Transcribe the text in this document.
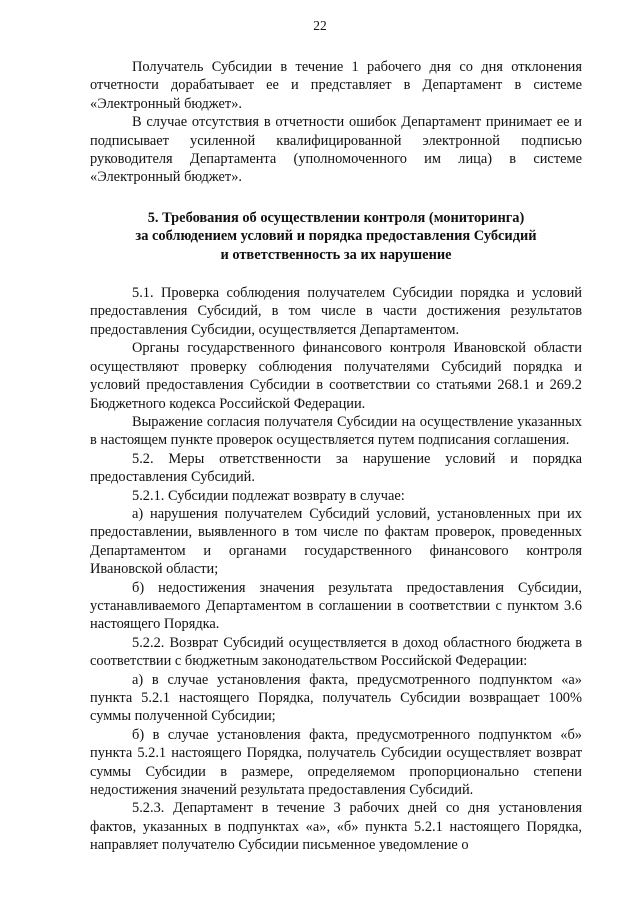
22

Получатель Субсидии в течение 1 рабочего дня со дня отклонения отчетности дорабатывает ее и представляет в Департамент в системе «Электронный бюджет».

В случае отсутствия в отчетности ошибок Департамент принимает ее и подписывает усиленной квалифицированной электронной подписью руководителя Департамента (уполномоченного им лица) в системе «Электронный бюджет».

5. Требования об осуществлении контроля (мониторинга)
за соблюдением условий и порядка предоставления Субсидий
и ответственность за их нарушение

5.1. Проверка соблюдения получателем Субсидии порядка и условий предоставления Субсидий, в том числе в части достижения результатов предоставления Субсидии, осуществляется Департаментом.

Органы государственного финансового контроля Ивановской области осуществляют проверку соблюдения получателями Субсидий порядка и условий предоставления Субсидии в соответствии со статьями 268.1 и 269.2 Бюджетного кодекса Российской Федерации.

Выражение согласия получателя Субсидии на осуществление указанных в настоящем пункте проверок осуществляется путем подписания соглашения.

5.2. Меры ответственности за нарушение условий и порядка предоставления Субсидий.

5.2.1. Субсидии подлежат возврату в случае:

а) нарушения получателем Субсидий условий, установленных при их предоставлении, выявленного в том числе по фактам проверок, проведенных Департаментом и органами государственного финансового контроля Ивановской области;

б) недостижения значения результата предоставления Субсидии, устанавливаемого Департаментом в соглашении в соответствии с пунктом 3.6 настоящего Порядка.

5.2.2. Возврат Субсидий осуществляется в доход областного бюджета в соответствии с бюджетным законодательством Российской Федерации:

а) в случае установления факта, предусмотренного подпунктом «а» пункта 5.2.1 настоящего Порядка, получатель Субсидии возвращает 100% суммы полученной Субсидии;

б) в случае установления факта, предусмотренного подпунктом «б» пункта 5.2.1 настоящего Порядка, получатель Субсидии осуществляет возврат суммы Субсидии в размере, определяемом пропорционально степени недостижения значений результата предоставления Субсидий.

5.2.3. Департамент в течение 3 рабочих дней со дня установления фактов, указанных в подпунктах «а», «б» пункта 5.2.1 настоящего Порядка, направляет получателю Субсидии письменное уведомление о
